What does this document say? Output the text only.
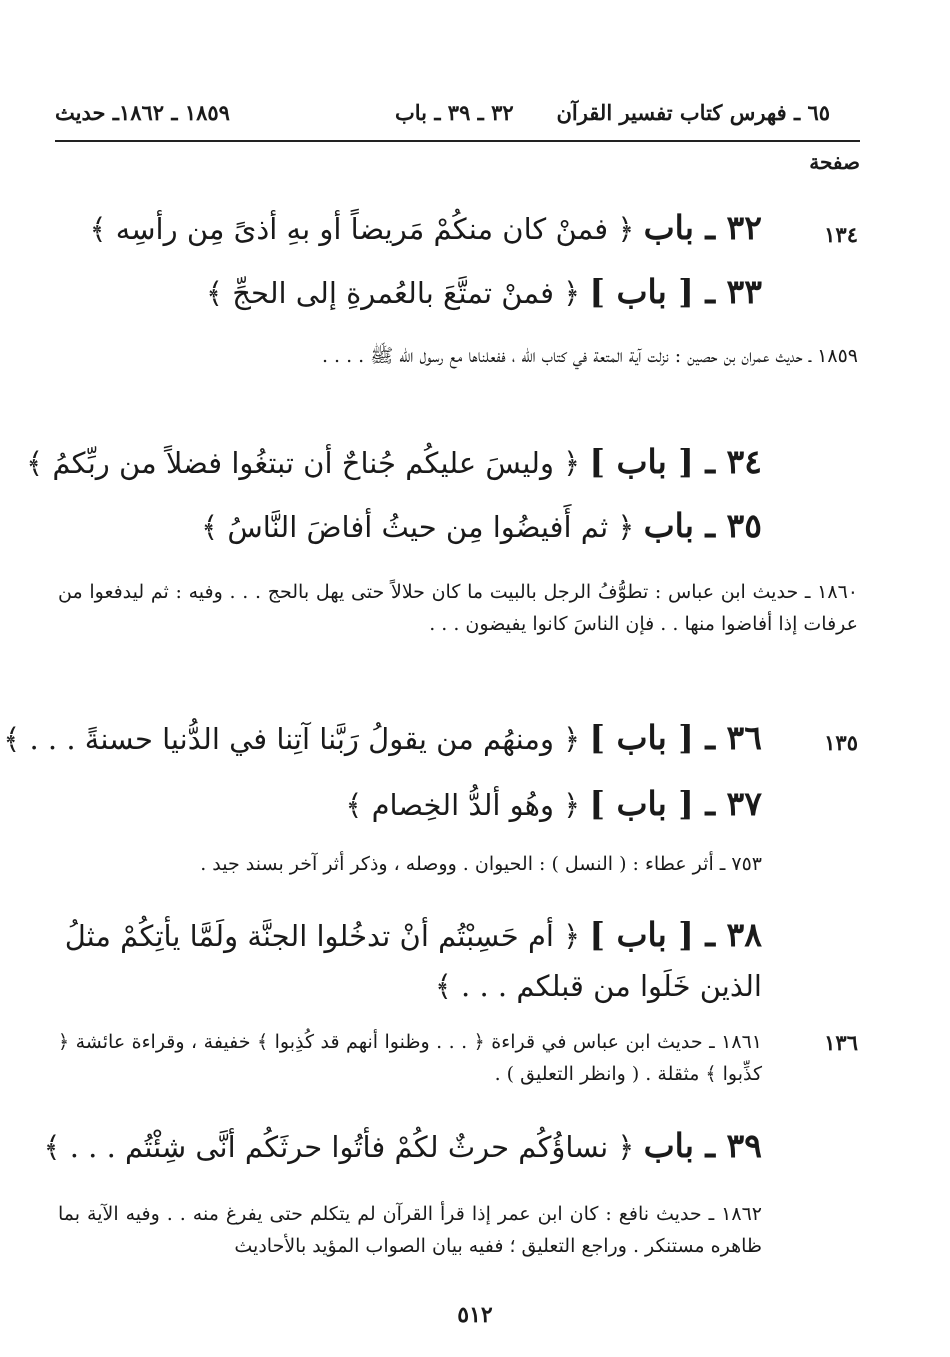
٦٥ ـ فهرس كتاب تفسير القرآن
٣٢ ـ ٣٩ ـ باب
١٨٥٩ ـ ١٨٦٢ـ حديث
صفحة
١٣٤
٣٢ ـ باب ﴿ فمنْ كان منكُمْ مَريضاً أو بهِ أذىً مِن رأسِه ﴾
٣٣ ـ [ باب ] ﴿ فمنْ تمتَّعَ بالعُمرةِ إلى الحجِّ ﴾
١٨٥٩ ـ حديث عمران بن حصين : نزلت آية المتعة في كتاب الله ، ففعلناها مع رسول الله ﷺ . . . .
٣٤ ـ [ باب ] ﴿ وليسَ عليكُم جُناحٌ أن تبتغُوا فضلاً من ربِّكمُ ﴾
٣٥ ـ باب ﴿ ثم أَفيضُوا مِن حيثُ أفاضَ النَّاسُ ﴾
١٨٦٠ ـ حديث ابن عباس : تطوُّفُ الرجل بالبيت ما كان حلالاً حتى يهل بالحج . . . وفيه : ثم ليدفعوا من عرفات إذا أفاضوا منها . . فإن الناسَ كانوا يفيضون . . .
١٣٥
٣٦ ـ [ باب ] ﴿ ومنهُم من يقولُ رَبَّنا آتِنا في الدُّنيا حسنةً . . . ﴾
٣٧ ـ [ باب ] ﴿ وهُو ألدُّ الخِصام ﴾
٧٥٣ ـ أثر عطاء : ( النسل ) : الحيوان . ووصله ، وذكر أثر آخر بسند جيد .
٣٨ ـ [ باب ] ﴿ أم حَسِبْتُم أنْ تدخُلوا الجنَّة ولَمَّا يأتِكُمْ مثلُ الذين خَلَوا من قبلكم . . . ﴾
١٣٦
١٨٦١ ـ حديث ابن عباس في قراءة ﴿ . . . وظنوا أنهم قد كُذِبوا ﴾ خفيفة ، وقراءة عائشة ﴿ كذِّبوا ﴾ مثقلة . ( وانظر التعليق ) .
٣٩ ـ باب ﴿ نساؤُكُم حرثٌ لكُمْ فأتُوا حرثَكُم أنَّى شِئْتُم . . . ﴾
١٨٦٢ ـ حديث نافع : كان ابن عمر إذا قرأ القرآن لم يتكلم حتى يفرغ منه . . وفيه الآية بما ظاهره مستنكر . وراجع التعليق ؛ ففيه بيان الصواب المؤيد بالأحاديث
٥١٢
